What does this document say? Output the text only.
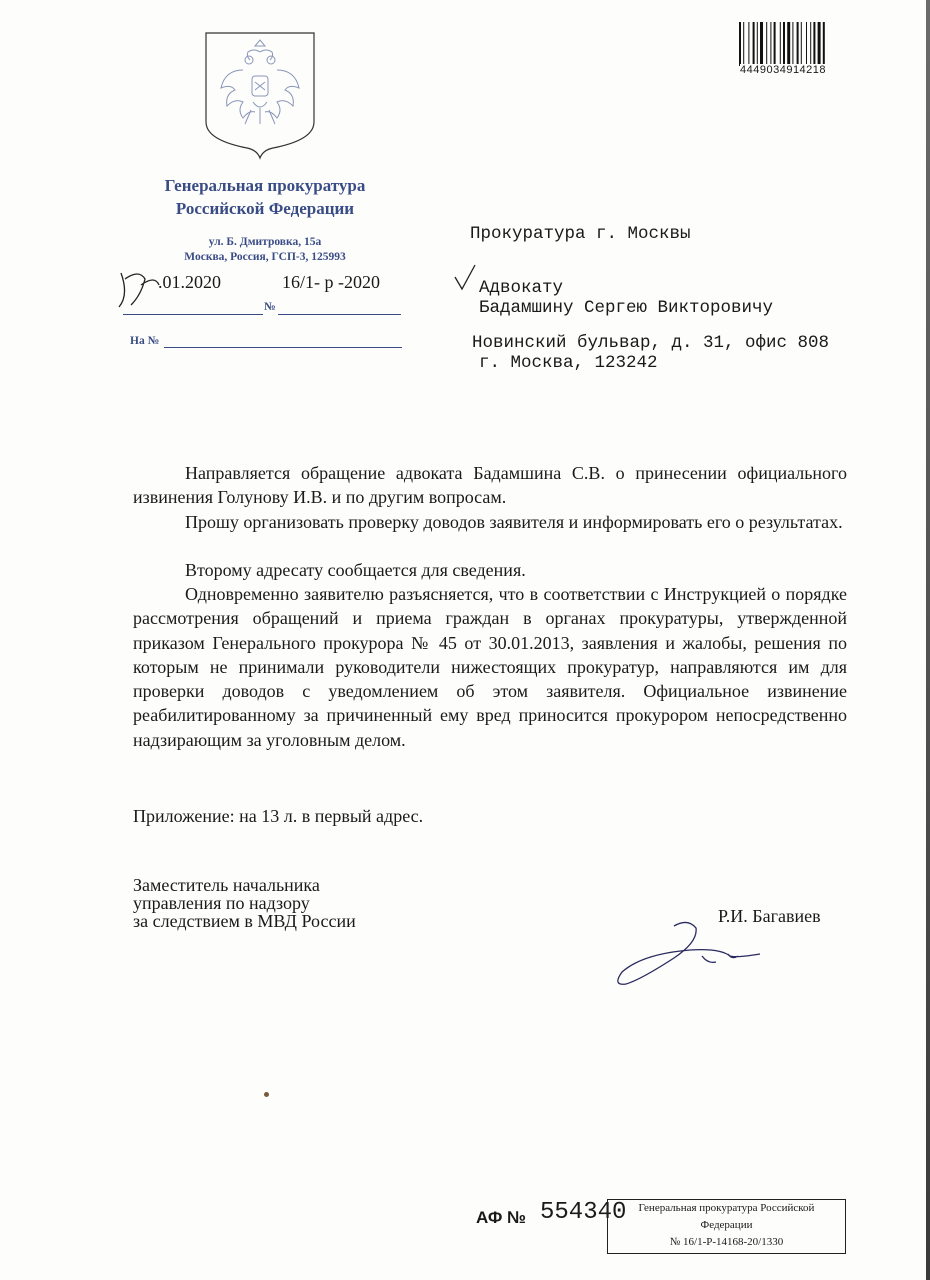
4449034914218
Генеральная прокуратура
Российской Федерации
ул. Б. Дмитровка, 15а
Москва, Россия, ГСП-3, 125993
.01.2020	16/1- р -2020
№
На №
Прокуратура г. Москвы
Адвокату
Бадамшину Сергею Викторовичу
Новинский бульвар, д. 31, офис 808
г. Москва, 123242
Направляется обращение адвоката Бадамшина С.В. о принесении официального извинения Голунову И.В. и по другим вопросам.
Прошу организовать проверку доводов заявителя и информировать его о результатах.
Второму адресату сообщается для сведения.
Одновременно заявителю разъясняется, что в соответствии с Инструкцией о порядке рассмотрения обращений и приема граждан в органах прокуратуры, утвержденной приказом Генерального прокурора № 45 от 30.01.2013, заявления и жалобы, решения по которым не принимали руководители нижестоящих прокуратур, направляются им для проверки доводов с уведомлением об этом заявителя. Официальное извинение реабилитированному за причиненный ему вред приносится прокурором непосредственно надзирающим за уголовным делом.
Приложение: на 13 л. в первый адрес.
Заместитель начальника
управления по надзору
за следствием в МВД России	Р.И. Багавиев
АФ № 554340	Генеральная прокуратура Российской
Федерации
№ 16/1-Р-14168-20/1330
